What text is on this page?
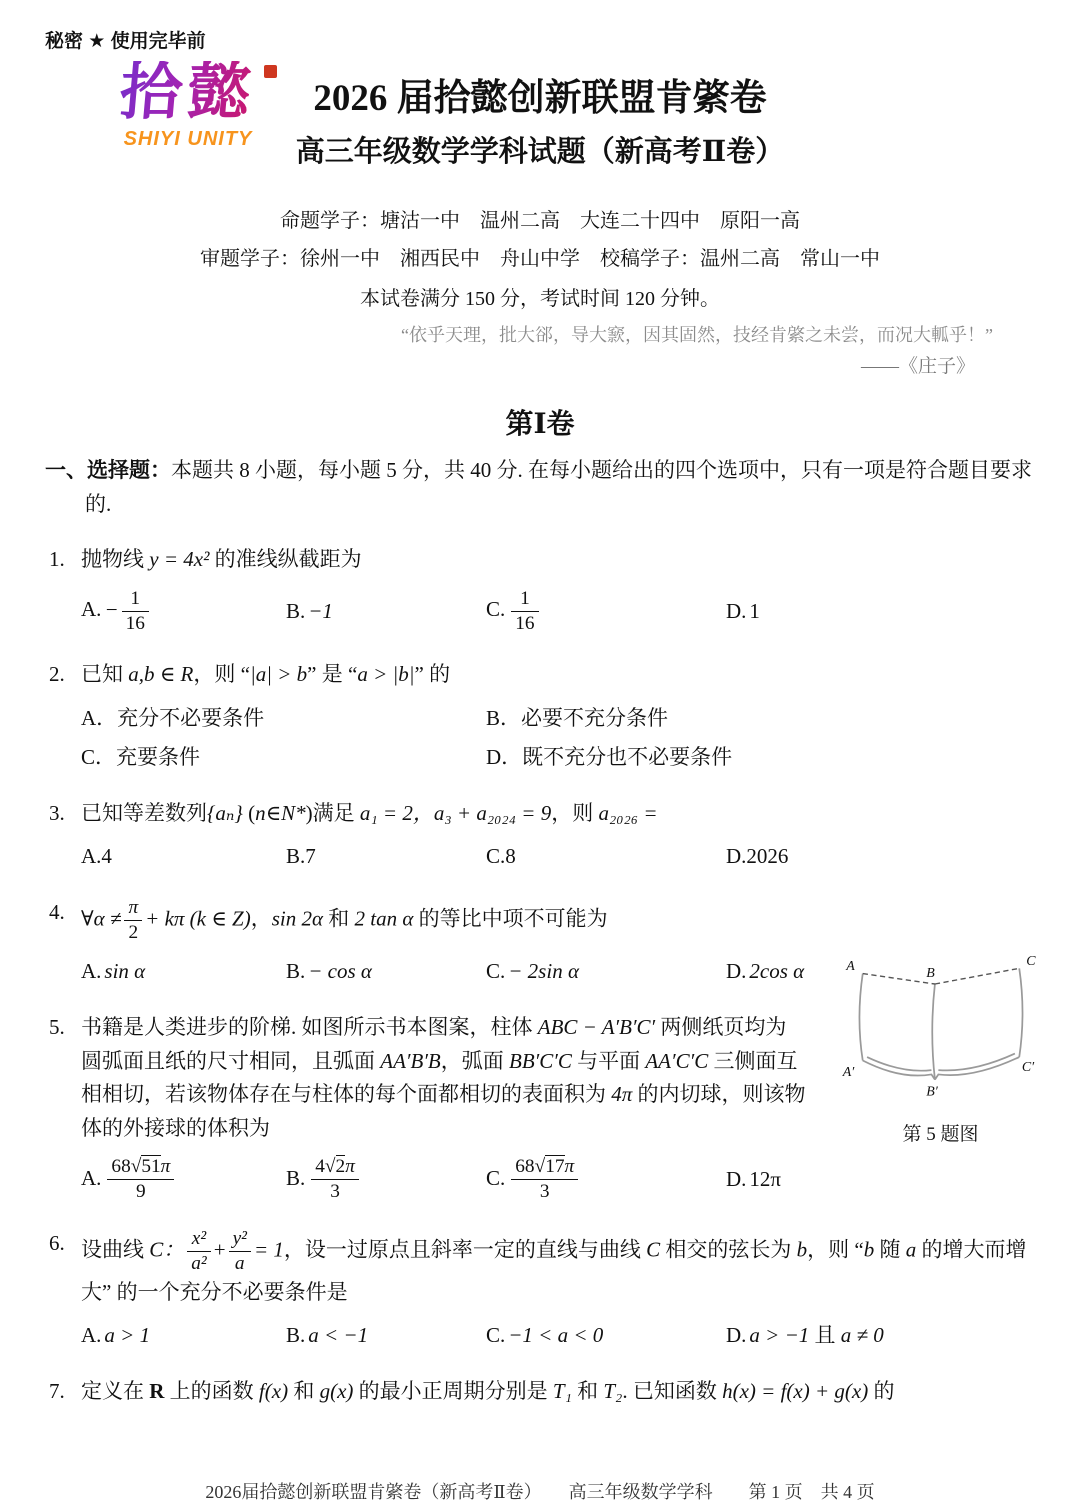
秘密 ★ 使用完毕前
拾懿
SHIYI UNITY
2026 届拾懿创新联盟肯綮卷
高三年级数学学科试题（新高考Ⅱ卷）
命题学子：塘沽一中　温州二高　大连二十四中　原阳一高
审题学子：徐州一中　湘西民中　舟山中学　校稿学子：温州二高　常山一中
本试卷满分 150 分，考试时间 120 分钟。
“依乎天理，批大郤，导大窾，因其固然，技经肯綮之未尝，而况大軱乎！”
——《庄子》
第Ⅰ卷
一、选择题：本题共 8 小题，每小题 5 分，共 40 分. 在每小题给出的四个选项中，只有一项是符合题目要求的.
1. 抛物线 y = 4x² 的准线纵截距为
A. − $\frac{1}{16}$	B. −1	C. $\frac{1}{16}$	D. 1
2. 已知 a,b ∈ R，则 “|a| > b” 是 “a > |b|” 的
A．充分不必要条件	B．必要不充分条件
C．充要条件	D．既不充分也不必要条件
3. 已知等差数列{aₙ} (n∈N*)满足 a₁ = 2，a₃ + a₂₀₂₄ = 9，则 a₂₀₂₆ =
A.4	B.7	C.8	D.2026
4. ∀α ≠ $\frac{\pi}{2} + k\pi$ (k ∈ Z)，sin 2α 和 2 tan α 的等比中项不可能为
A. sin α	B. − cos α	C. − 2sin α	D. 2cos α
5.
A	B
C
A′
B′
C′
第 5 题图
书籍是人类进步的阶梯. 如图所示书本图案，柱体 ABC − A′B′C′ 两侧纸页均为圆弧面且纸的尺寸相同，且弧面 AA′B′B，弧面 BB′C′C 与平面 AA′C′C 三侧面互相相切，若该物体存在与柱体的每个面都相切的表面积为 4π 的内切球，则该物体的外接球的体积为
A. $\frac{68√51\pi}{9}$	B. $\frac{4√2\pi}{3}$	C. $\frac{68√17\pi}{3}$	D. 12π
6. 设曲线 C： $\frac{\text{x²}}{\text{a²}} + \frac{\text{y²}}{a} = 1$，设一过原点且斜率一定的直线与曲线 C 相交的弦长为 b，则 “b 随 a 的增大而增大” 的一个充分不必要条件是
A. a > 1	B. a < −1	C. −1 < a < 0	D. a > −1 且 a ≠ 0
7. 定义在 R 上的函数 f(x) 和 g(x) 的最小正周期分别是 T₁ 和 T₂. 已知函数 h(x) = f(x) + g(x) 的
2026届拾懿创新联盟肯綮卷（新高考Ⅱ卷）　　高三年级数学学科　　第 1 页　共 4 页
